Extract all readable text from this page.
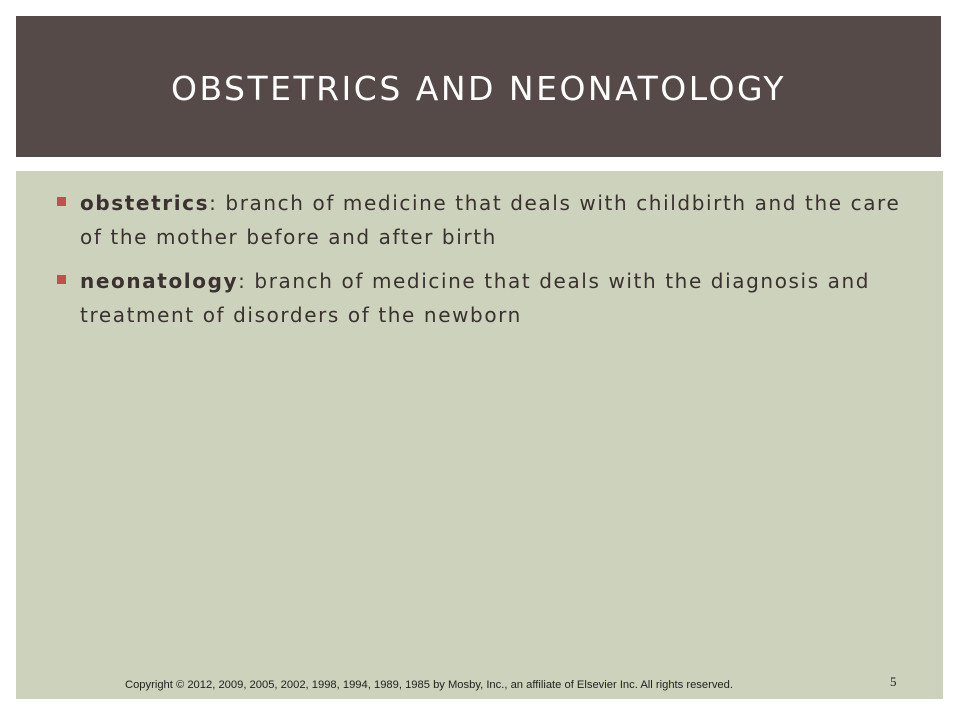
OBSTETRICS AND NEONATOLOGY
obstetrics: branch of medicine that deals with childbirth and the care of the mother before and after birth
neonatology: branch of medicine that deals with the diagnosis and treatment of disorders of the newborn
Copyright © 2012, 2009, 2005, 2002, 1998, 1994, 1989, 1985 by Mosby, Inc., an affiliate of Elsevier Inc. All rights reserved.	5
